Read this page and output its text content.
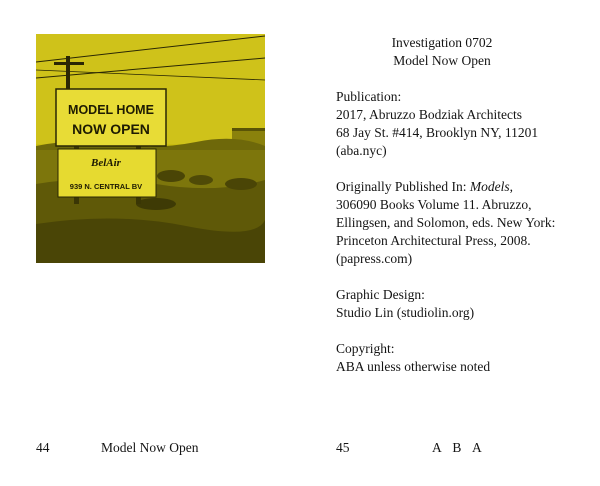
MODEL HOME
NOW OPEN
BelAir
939 N. CENTRAL BV
Investigation 0702
Model Now Open

Publication:

2017, Abruzzo Bodziak Architects

68 Jay St. #414, Brooklyn NY, 11201

(aba.nyc)

Originally Published In: Models,

306090 Books Volume 11. Abruzzo,

Ellingsen, and Solomon, eds. New York:

Princeton Architectural Press, 2008.

(papress.com)

Graphic Design:

Studio Lin (studiolin.org)

Copyright:

ABA unless otherwise noted

44	Model Now Open	45	A B A
